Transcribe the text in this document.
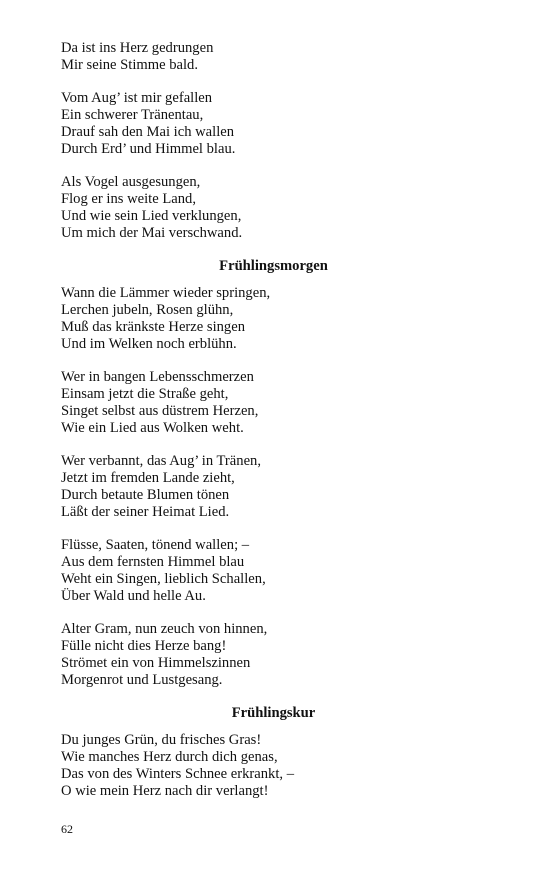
Da ist ins Herz gedrungen
Mir seine Stimme bald.
Vom Aug’ ist mir gefallen
Ein schwerer Tränentau,
Drauf sah den Mai ich wallen
Durch Erd’ und Himmel blau.
Als Vogel ausgesungen,
Flog er ins weite Land,
Und wie sein Lied verklungen,
Um mich der Mai verschwand.
Frühlingsmorgen
Wann die Lämmer wieder springen,
Lerchen jubeln, Rosen glühn,
Muß das kränkste Herze singen
Und im Welken noch erblühn.
Wer in bangen Lebensschmerzen
Einsam jetzt die Straße geht,
Singet selbst aus düstrem Herzen,
Wie ein Lied aus Wolken weht.
Wer verbannt, das Aug’ in Tränen,
Jetzt im fremden Lande zieht,
Durch betaute Blumen tönen
Läßt der seiner Heimat Lied.
Flüsse, Saaten, tönend wallen; –
Aus dem fernsten Himmel blau
Weht ein Singen, lieblich Schallen,
Über Wald und helle Au.
Alter Gram, nun zeuch von hinnen,
Fülle nicht dies Herze bang!
Strömet ein von Himmelszinnen
Morgenrot und Lustgesang.
Frühlingskur
Du junges Grün, du frisches Gras!
Wie manches Herz durch dich genas,
Das von des Winters Schnee erkrankt, –
O wie mein Herz nach dir verlangt!
62
